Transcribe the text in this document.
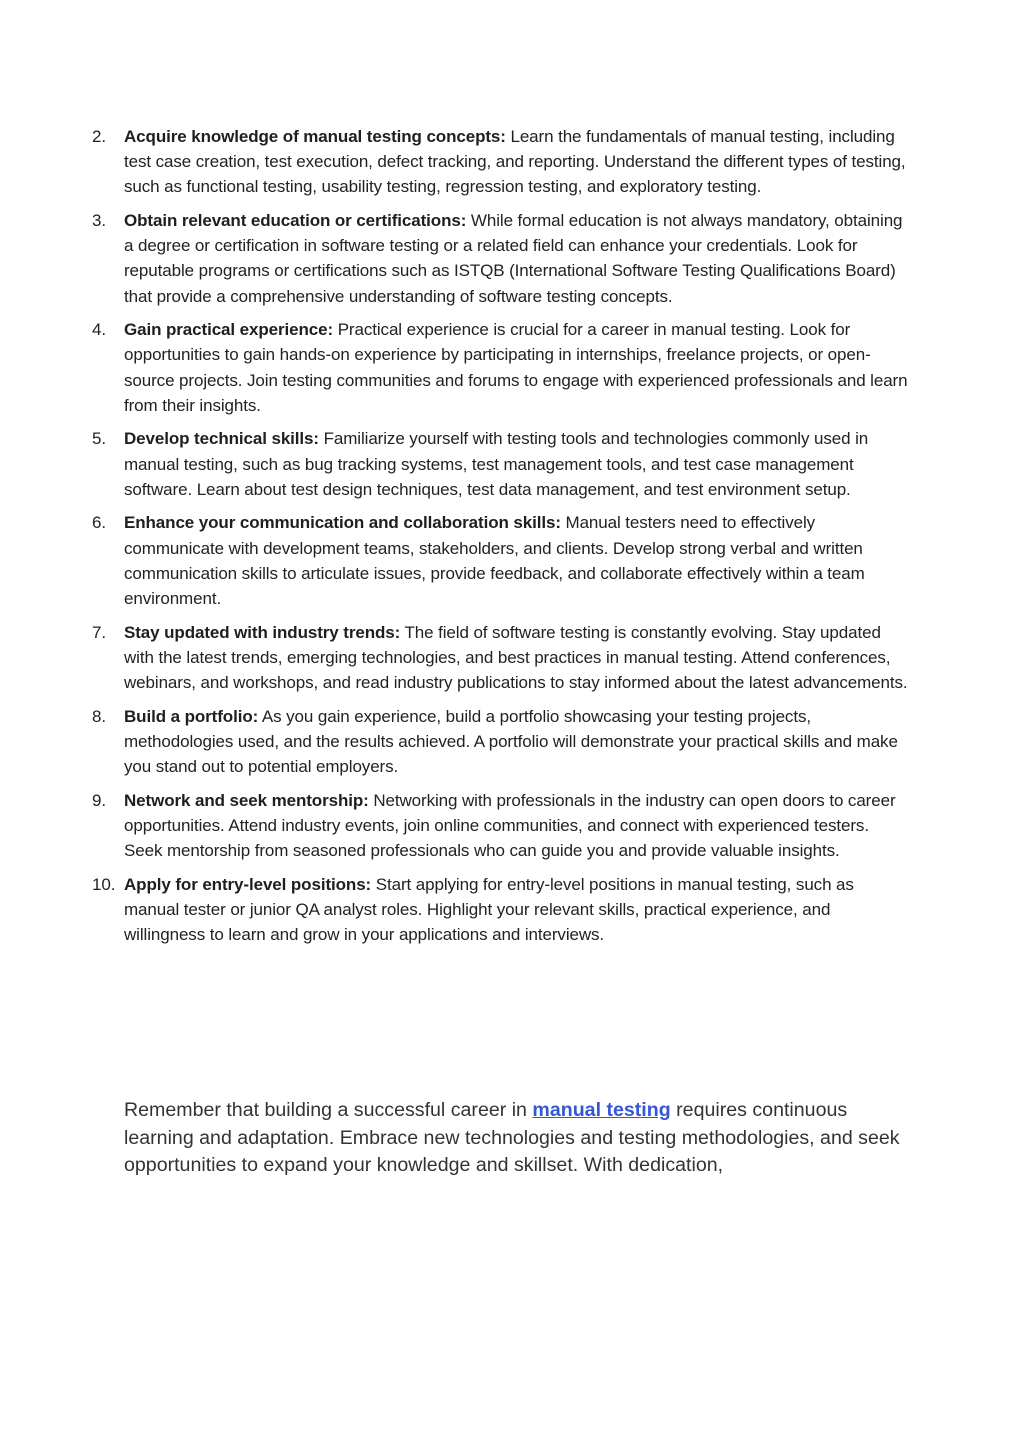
2.	Acquire knowledge of manual testing concepts: Learn the fundamentals of manual testing, including test case creation, test execution, defect tracking, and reporting. Understand the different types of testing, such as functional testing, usability testing, regression testing, and exploratory testing.
3.	Obtain relevant education or certifications: While formal education is not always mandatory, obtaining a degree or certification in software testing or a related field can enhance your credentials. Look for reputable programs or certifications such as ISTQB (International Software Testing Qualifications Board) that provide a comprehensive understanding of software testing concepts.
4.	Gain practical experience: Practical experience is crucial for a career in manual testing. Look for opportunities to gain hands-on experience by participating in internships, freelance projects, or open-source projects. Join testing communities and forums to engage with experienced professionals and learn from their insights.
5.	Develop technical skills: Familiarize yourself with testing tools and technologies commonly used in manual testing, such as bug tracking systems, test management tools, and test case management software. Learn about test design techniques, test data management, and test environment setup.
6.	Enhance your communication and collaboration skills: Manual testers need to effectively communicate with development teams, stakeholders, and clients. Develop strong verbal and written communication skills to articulate issues, provide feedback, and collaborate effectively within a team environment.
7.	Stay updated with industry trends: The field of software testing is constantly evolving. Stay updated with the latest trends, emerging technologies, and best practices in manual testing. Attend conferences, webinars, and workshops, and read industry publications to stay informed about the latest advancements.
8.	Build a portfolio: As you gain experience, build a portfolio showcasing your testing projects, methodologies used, and the results achieved. A portfolio will demonstrate your practical skills and make you stand out to potential employers.
9.	Network and seek mentorship: Networking with professionals in the industry can open doors to career opportunities. Attend industry events, join online communities, and connect with experienced testers. Seek mentorship from seasoned professionals who can guide you and provide valuable insights.
10. Apply for entry-level positions: Start applying for entry-level positions in manual testing, such as manual tester or junior QA analyst roles. Highlight your relevant skills, practical experience, and willingness to learn and grow in your applications and interviews.

Remember that building a successful career in manual testing requires continuous learning and adaptation. Embrace new technologies and testing methodologies, and seek opportunities to expand your knowledge and skillset. With dedication,
